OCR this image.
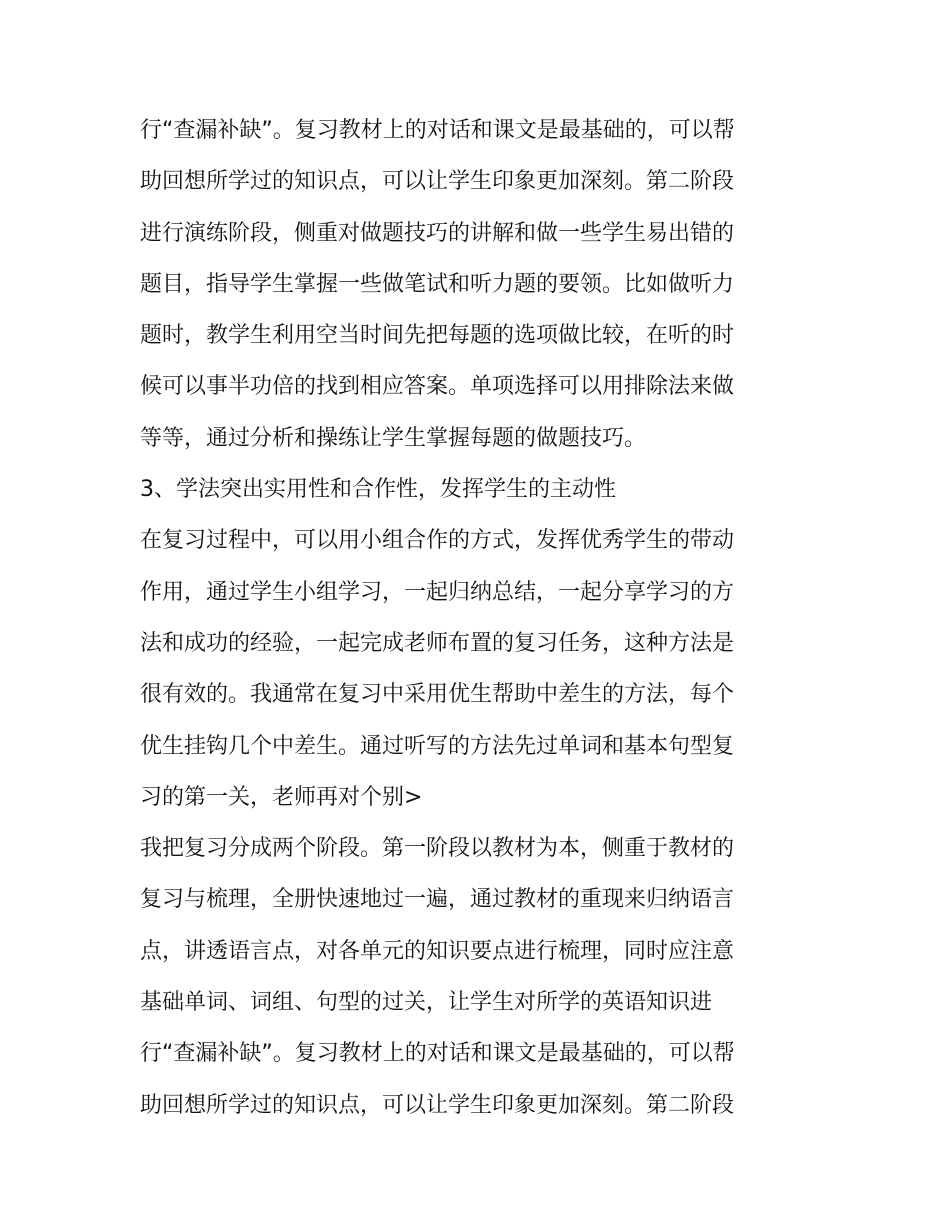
行“查漏补缺”。复习教材上的对话和课文是最基础的，可以帮
助回想所学过的知识点，可以让学生印象更加深刻。第二阶段
进行演练阶段，侧重对做题技巧的讲解和做一些学生易出错的
题目，指导学生掌握一些做笔试和听力题的要领。比如做听力
题时，教学生利用空当时间先把每题的选项做比较，在听的时
候可以事半功倍的找到相应答案。单项选择可以用排除法来做
等等，通过分析和操练让学生掌握每题的做题技巧。
3、学法突出实用性和合作性，发挥学生的主动性
在复习过程中，可以用小组合作的方式，发挥优秀学生的带动
作用，通过学生小组学习，一起归纳总结，一起分享学习的方
法和成功的经验，一起完成老师布置的复习任务，这种方法是
很有效的。我通常在复习中采用优生帮助中差生的方法，每个
优生挂钩几个中差生。通过听写的方法先过单词和基本句型复
习的第一关，老师再对个别>
我把复习分成两个阶段。第一阶段以教材为本，侧重于教材的
复习与梳理，全册快速地过一遍，通过教材的重现来归纳语言
点，讲透语言点，对各单元的知识要点进行梳理，同时应注意
基础单词、词组、句型的过关，让学生对所学的英语知识进
行“查漏补缺”。复习教材上的对话和课文是最基础的，可以帮
助回想所学过的知识点，可以让学生印象更加深刻。第二阶段
